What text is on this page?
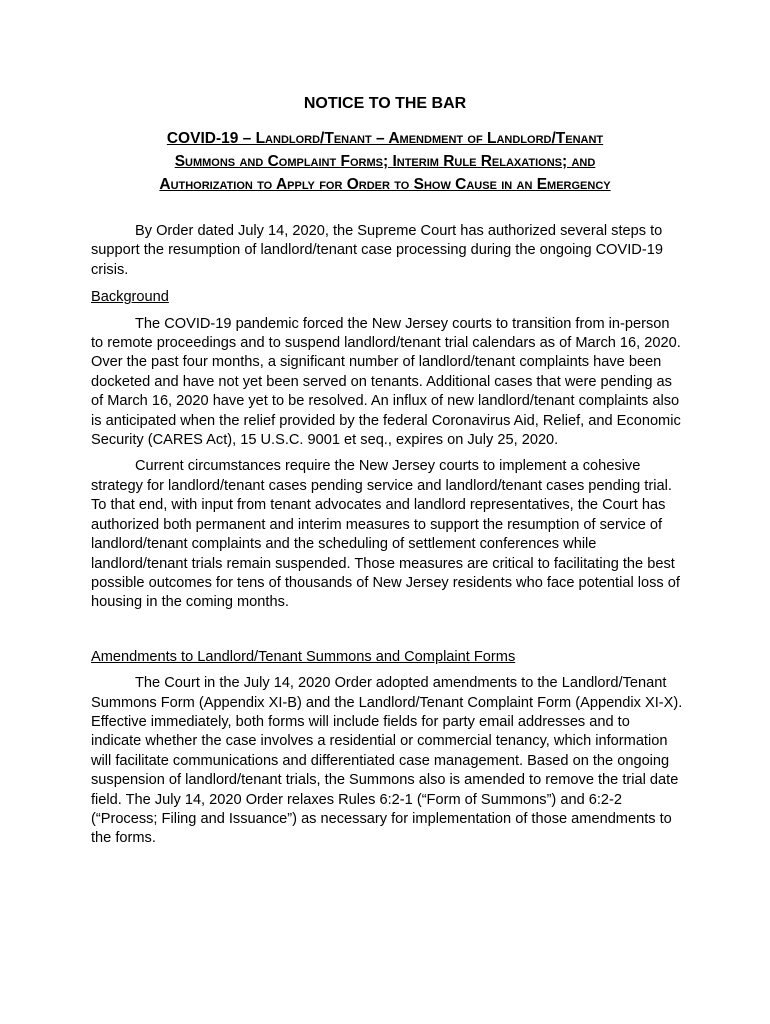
NOTICE TO THE BAR
COVID-19 – Landlord/Tenant – Amendment of Landlord/Tenant
Summons and Complaint Forms; Interim Rule Relaxations; and
Authorization to Apply for Order to Show Cause in an Emergency

By Order dated July 14, 2020, the Supreme Court has authorized several steps to support the resumption of landlord/tenant case processing during the ongoing COVID-19 crisis.

Background

The COVID-19 pandemic forced the New Jersey courts to transition from in-person to remote proceedings and to suspend landlord/tenant trial calendars as of March 16, 2020. Over the past four months, a significant number of landlord/tenant complaints have been docketed and have not yet been served on tenants. Additional cases that were pending as of March 16, 2020 have yet to be resolved. An influx of new landlord/tenant complaints also is anticipated when the relief provided by the federal Coronavirus Aid, Relief, and Economic Security (CARES Act), 15 U.S.C. 9001 et seq., expires on July 25, 2020.

Current circumstances require the New Jersey courts to implement a cohesive strategy for landlord/tenant cases pending service and landlord/tenant cases pending trial. To that end, with input from tenant advocates and landlord representatives, the Court has authorized both permanent and interim measures to support the resumption of service of landlord/tenant complaints and the scheduling of settlement conferences while landlord/tenant trials remain suspended. Those measures are critical to facilitating the best possible outcomes for tens of thousands of New Jersey residents who face potential loss of housing in the coming months.

Amendments to Landlord/Tenant Summons and Complaint Forms

The Court in the July 14, 2020 Order adopted amendments to the Landlord/Tenant Summons Form (Appendix XI-B) and the Landlord/Tenant Complaint Form (Appendix XI-X). Effective immediately, both forms will include fields for party email addresses and to indicate whether the case involves a residential or commercial tenancy, which information will facilitate communications and differentiated case management. Based on the ongoing suspension of landlord/tenant trials, the Summons also is amended to remove the trial date field. The July 14, 2020 Order relaxes Rules 6:2-1 (“Form of Summons”) and 6:2-2 (“Process; Filing and Issuance”) as necessary for implementation of those amendments to the forms.
